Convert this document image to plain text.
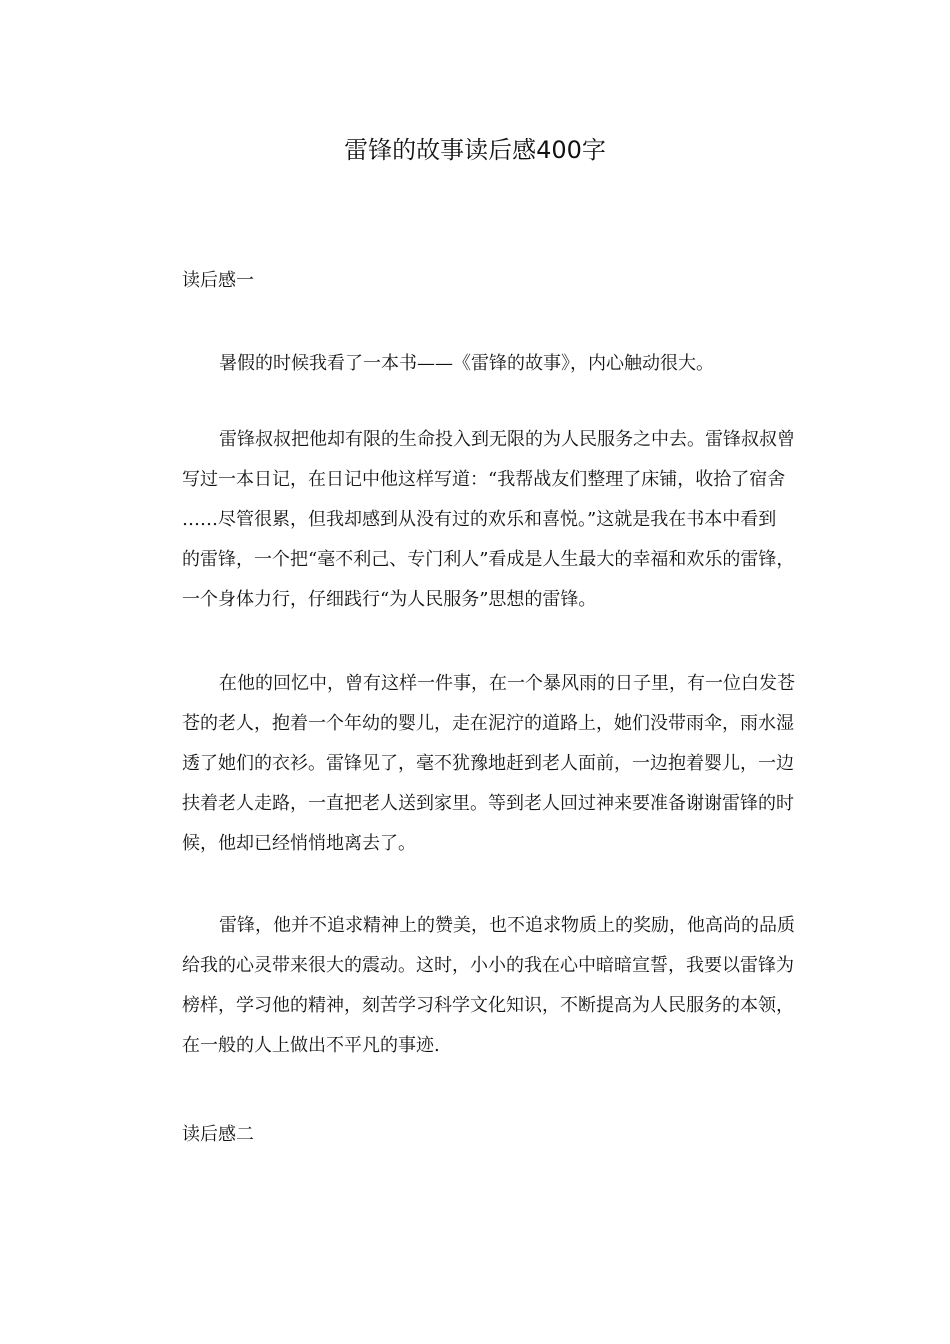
雷锋的故事读后感400字
读后感一
暑假的时候我看了一本书——《雷锋的故事》，内心触动很大。
雷锋叔叔把他却有限的生命投入到无限的为人民服务之中去。雷锋叔叔曾
写过一本日记，在日记中他这样写道：“我帮战友们整理了床铺，收拾了宿舍
……尽管很累，但我却感到从没有过的欢乐和喜悦。”这就是我在书本中看到
的雷锋，一个把“毫不利己、专门利人”看成是人生最大的幸福和欢乐的雷锋，
一个身体力行，仔细践行“为人民服务”思想的雷锋。
在他的回忆中，曾有这样一件事，在一个暴风雨的日子里，有一位白发苍
苍的老人，抱着一个年幼的婴儿，走在泥泞的道路上，她们没带雨伞，雨水湿
透了她们的衣衫。雷锋见了，毫不犹豫地赶到老人面前，一边抱着婴儿，一边
扶着老人走路，一直把老人送到家里。等到老人回过神来要准备谢谢雷锋的时
候，他却已经悄悄地离去了。
雷锋，他并不追求精神上的赞美，也不追求物质上的奖励，他高尚的品质
给我的心灵带来很大的震动。这时，小小的我在心中暗暗宣誓，我要以雷锋为
榜样，学习他的精神，刻苦学习科学文化知识，不断提高为人民服务的本领，
在一般的人上做出不平凡的事迹.
读后感二
